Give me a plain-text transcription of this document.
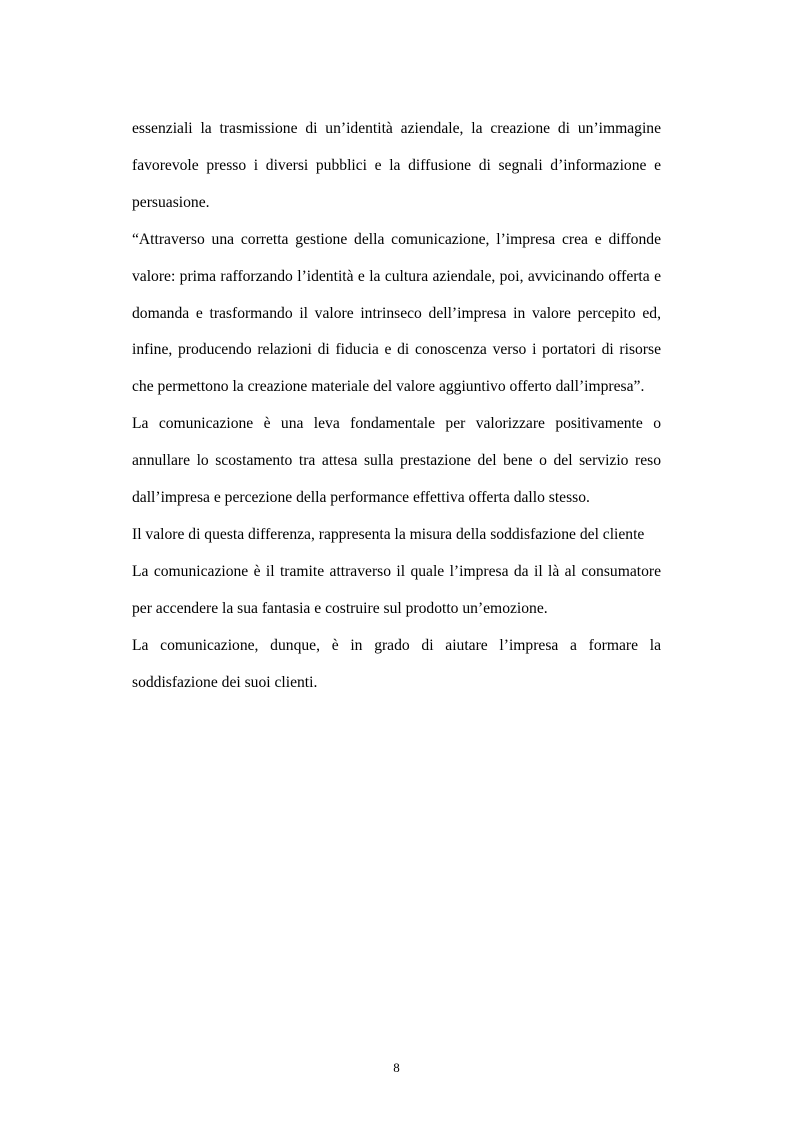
essenziali la trasmissione di un’identità aziendale, la creazione di un’immagine favorevole presso i diversi pubblici e la diffusione di segnali d’informazione e persuasione.

“Attraverso una corretta gestione della comunicazione, l’impresa crea e diffonde valore: prima rafforzando l’identità e la cultura aziendale, poi, avvicinando offerta e domanda e trasformando il valore intrinseco dell’impresa in valore percepito ed, infine, producendo relazioni di fiducia e di conoscenza verso i portatori di risorse che permettono la creazione materiale del valore aggiuntivo offerto dall’impresa”.

La comunicazione è una leva fondamentale per valorizzare positivamente o annullare lo scostamento tra attesa sulla prestazione del bene o del servizio reso dall’impresa e percezione della performance effettiva offerta dallo stesso.

Il valore di questa differenza, rappresenta la misura della soddisfazione del cliente

La comunicazione è il tramite attraverso il quale l’impresa da il là al consumatore per accendere la sua fantasia e costruire sul prodotto un’emozione.

La comunicazione, dunque, è in grado di aiutare l’impresa a formare la soddisfazione dei suoi clienti.

8
